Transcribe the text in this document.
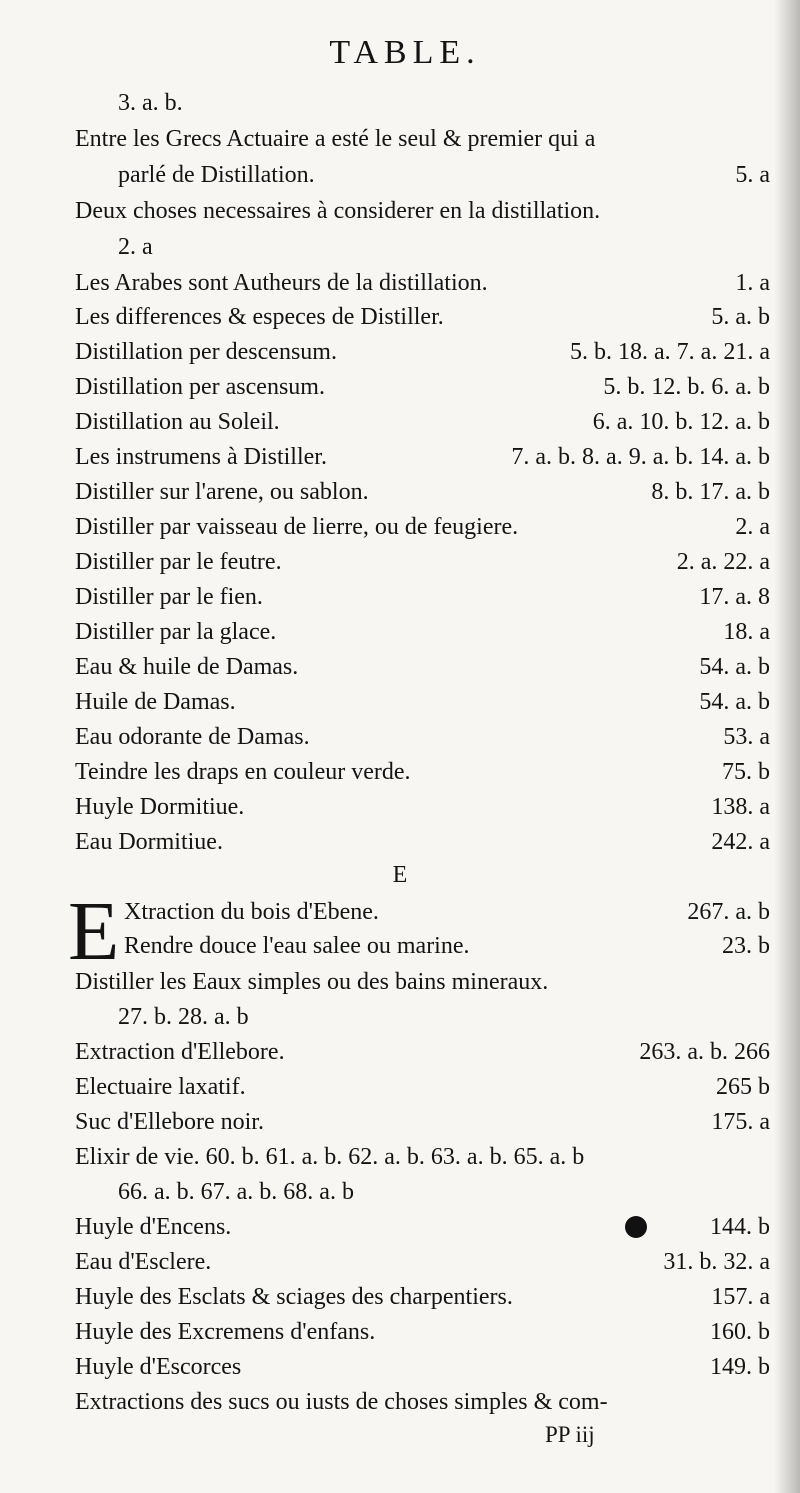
TABLE.
3. a. b.
Entre les Grecs Actuaire a esté le seul & premier qui a
parlé de Distillation.	5. a
Deux choses necessaires à considerer en la distillation.
2. a
Les Arabes sont Autheurs de la distillation.	1. a
Les differences & especes de Distiller.	5. a. b
Distillation per descensum.	5. b. 18. a. 7. a. 21. a
Distillation per ascensum.	5. b. 12. b. 6. a. b
Distillation au Soleil.	6. a. 10. b. 12. a. b
Les instrumens à Distiller.	7. a. b. 8. a. 9. a. b. 14. a. b
Distiller sur l'arene, ou sablon.	8. b. 17. a. b
Distiller par vaisseau de lierre, ou de feugiere.	2. a
Distiller par le feutre.	2. a. 22. a
Distiller par le fien.	17. a. 8
Distiller par la glace.	18. a
Eau & huile de Damas.	54. a. b
Huile de Damas.	54. a. b
Eau odorante de Damas.	53. a
Teindre les draps en couleur verde.	75. b
Huyle Dormitiue.	138. a
Eau Dormitiue.	242. a
E
E Xtraction du bois d'Ebene.	267. a. b
Rendre douce l'eau salee ou marine.	23. b
Distiller les Eaux simples ou des bains mineraux.
27. b. 28. a. b
Extraction d'Ellebore.	263. a. b. 266
Electuaire laxatif.	265 b
Suc d'Ellebore noir.	175. a
Elixir de vie. 60. b. 61. a. b. 62. a. b. 63. a. b. 65. a. b
66. a. b. 67. a. b. 68. a. b
Huyle d'Encens.	144. b
Eau d'Esclere.	31. b. 32. a
Huyle des Esclats & sciages des charpentiers.	157. a
Huyle des Excremens d'enfans.	160. b
Huyle d'Escorces	149. b
Extractions des sucs ou iusts de choses simples & com-
PP iij
